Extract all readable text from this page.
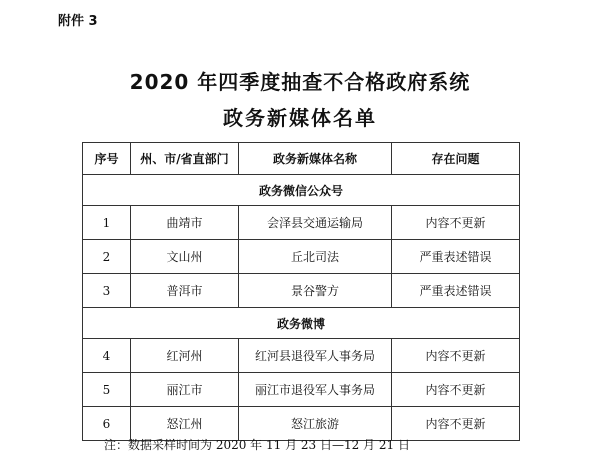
附件 3
2020 年四季度抽查不合格政府系统
政务新媒体名单
序号	州、市/省直部门	政务新媒体名称	存在问题
政务微信公众号			
1	曲靖市	会泽县交通运输局	内容不更新
2	文山州	丘北司法	严重表述错误
3	普洱市	景谷警方	严重表述错误
政务微博			
4	红河州	红河县退役军人事务局	内容不更新
5	丽江市	丽江市退役军人事务局	内容不更新
6	怒江州	怒江旅游	内容不更新
注：数据采样时间为 2020 年 11 月 23 日—12 月 21 日
